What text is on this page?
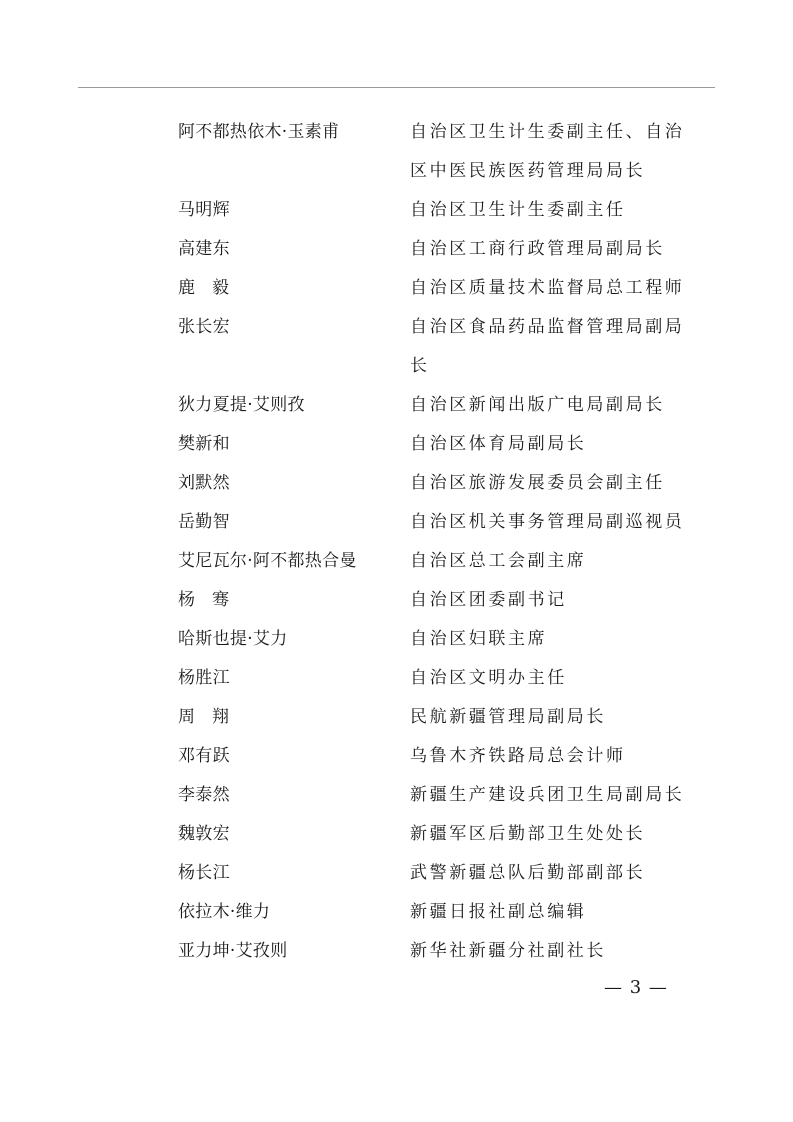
阿不都热依木·玉素甫	自治区卫生计生委副主任、自治区中医民族医药管理局局长
马明辉	自治区卫生计生委副主任
高建东	自治区工商行政管理局副局长
鹿　毅	自治区质量技术监督局总工程师
张长宏	自治区食品药品监督管理局副局长
狄力夏提·艾则孜	自治区新闻出版广电局副局长
樊新和	自治区体育局副局长
刘默然	自治区旅游发展委员会副主任
岳勤智	自治区机关事务管理局副巡视员
艾尼瓦尔·阿不都热合曼	自治区总工会副主席
杨　骞	自治区团委副书记
哈斯也提·艾力	自治区妇联主席
杨胜江	自治区文明办主任
周　翔	民航新疆管理局副局长
邓有跃	乌鲁木齐铁路局总会计师
李泰然	新疆生产建设兵团卫生局副局长
魏敦宏	新疆军区后勤部卫生处处长
杨长江	武警新疆总队后勤部副部长
依拉木·维力	新疆日报社副总编辑
亚力坤·艾孜则	新华社新疆分社副社长
— 3 —
